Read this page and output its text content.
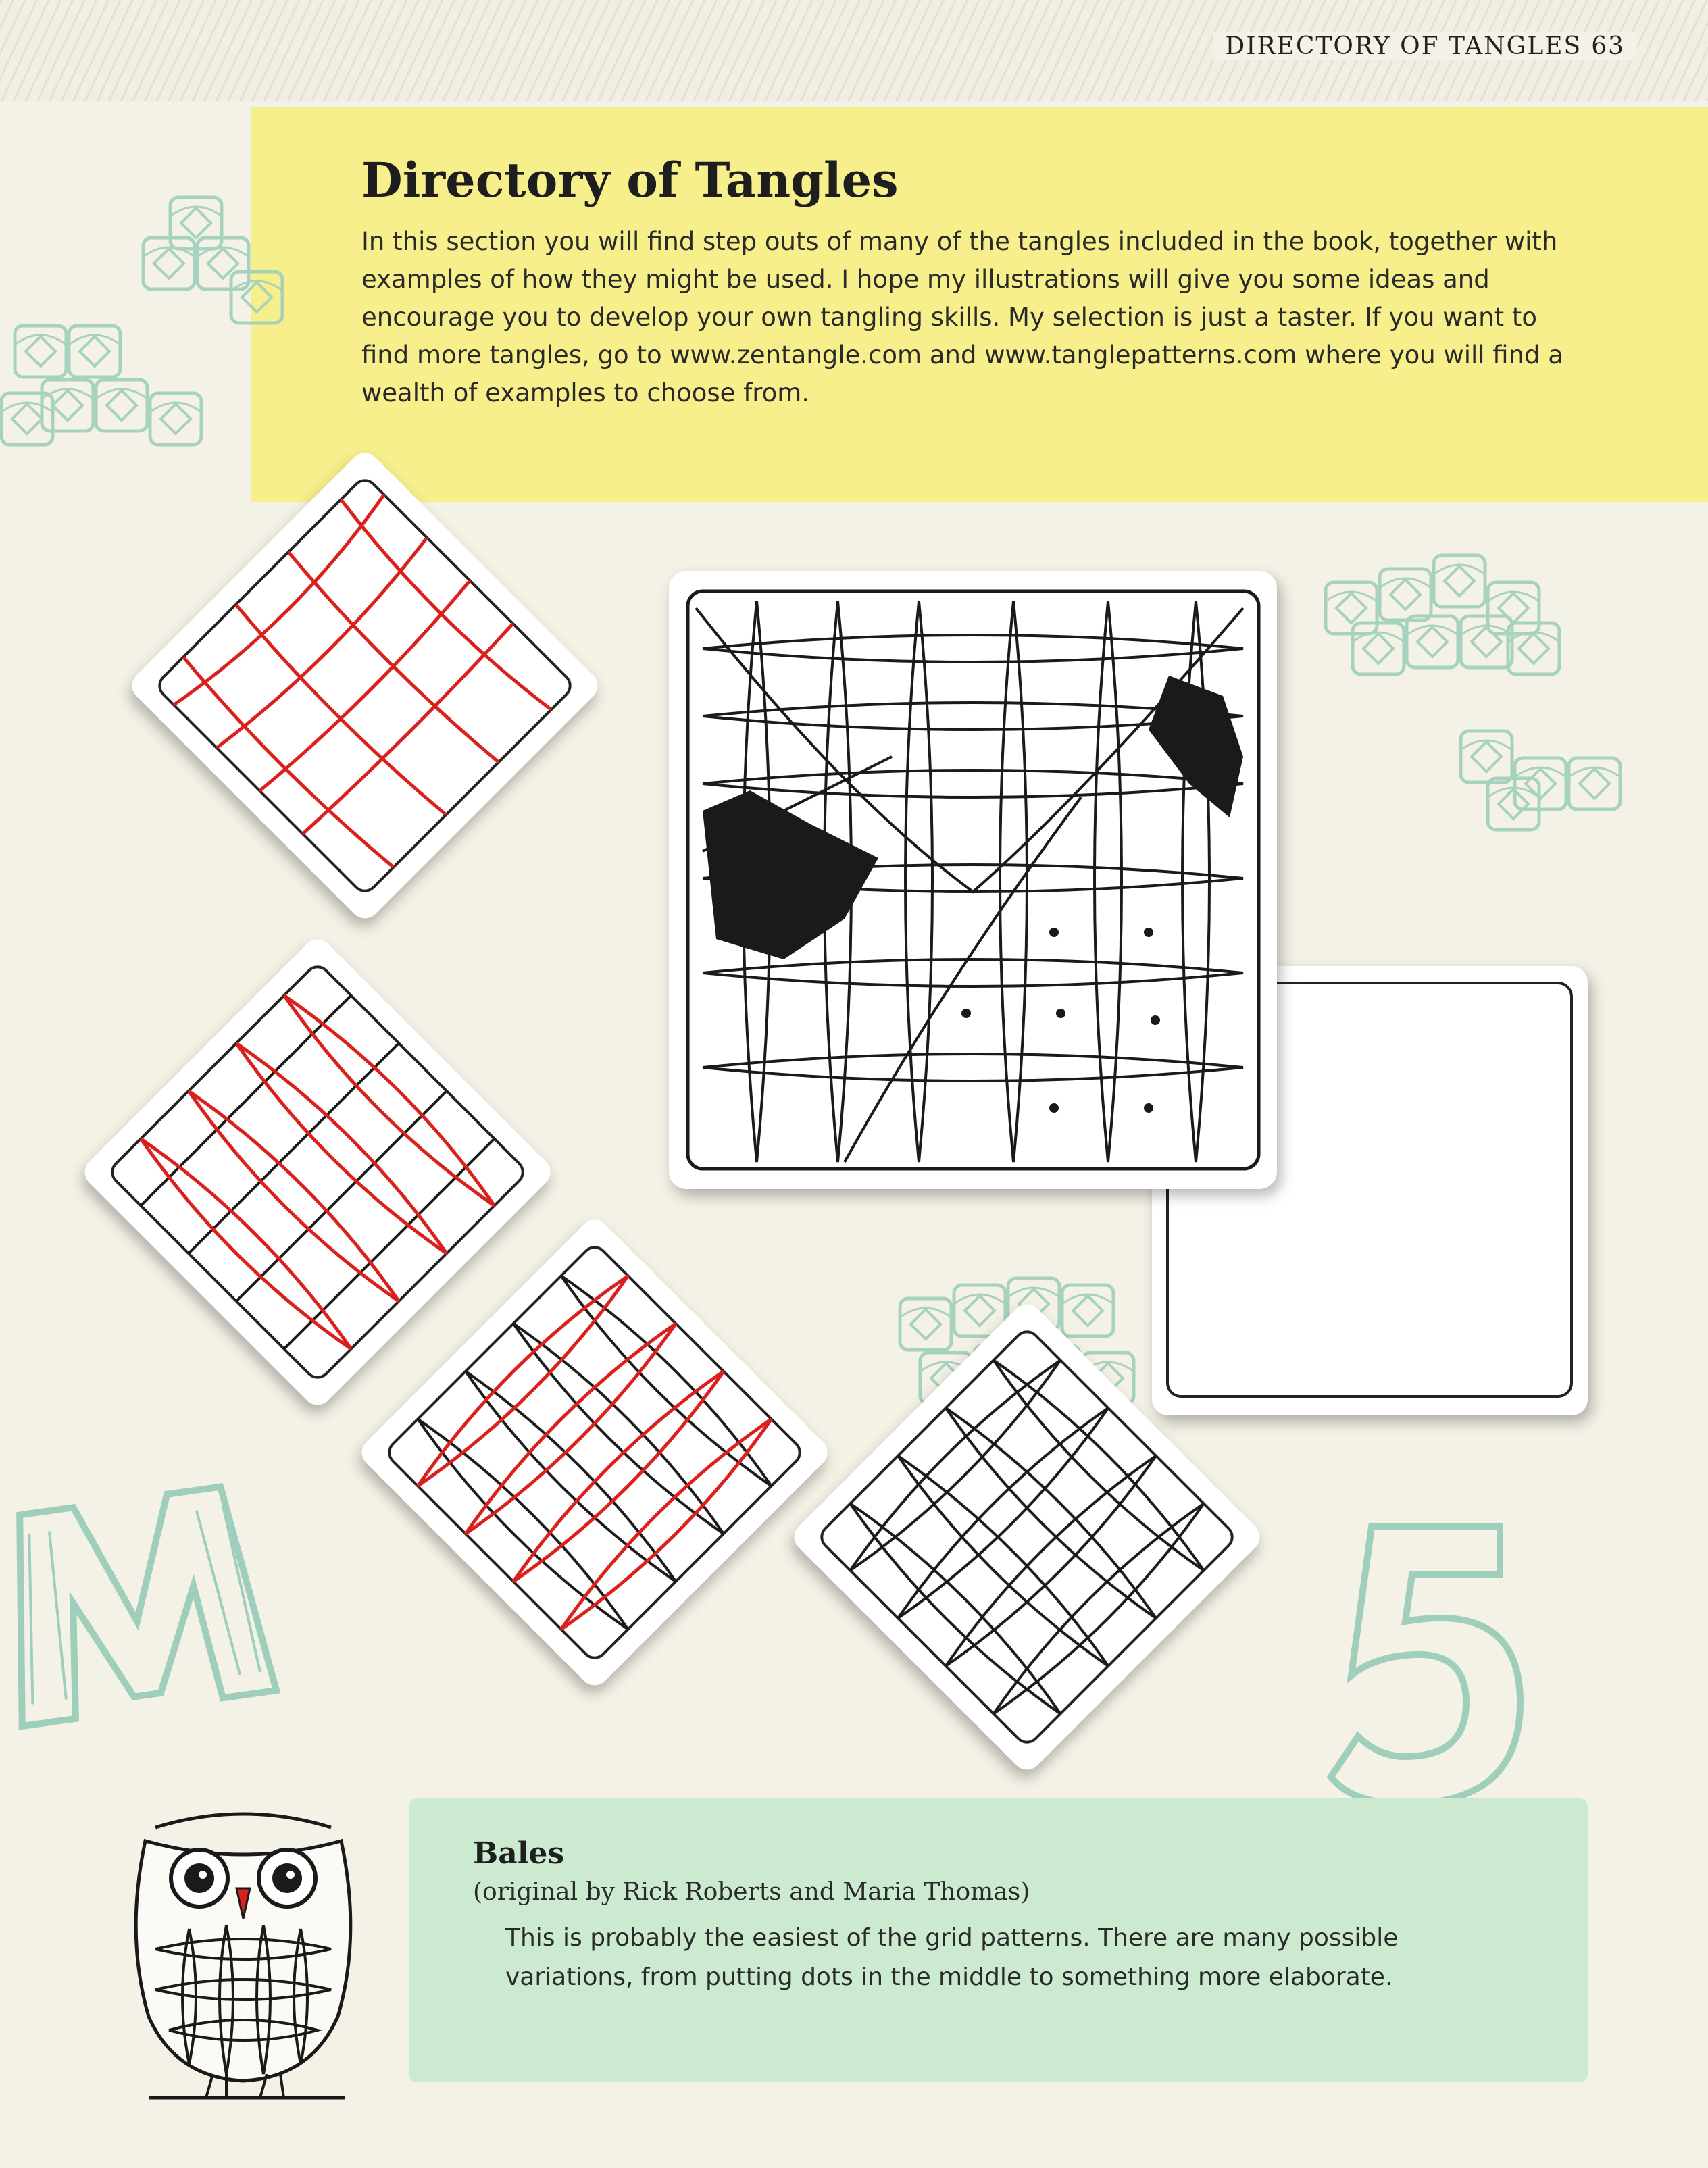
DIRECTORY OF TANGLES 63
Directory of Tangles

In this section you will find step outs of many of the tangles included in the book, together with examples of how they might be used. I hope my illustrations will give you some ideas and encourage you to develop your own tangling skills. My selection is just a taster. If you want to find more tangles, go to www.zentangle.com and www.tanglepatterns.com where you will find a wealth of examples to choose from.

Bales

(original by Rick Roberts and Maria Thomas)

This is probably the easiest of the grid patterns. There are many possible variations, from putting dots in the middle to something more elaborate.
